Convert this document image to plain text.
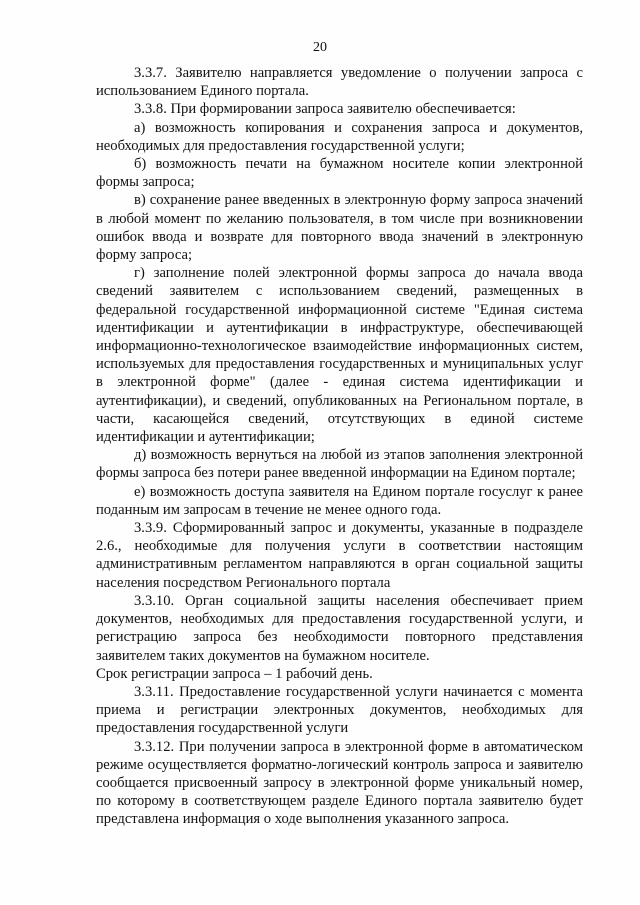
20

3.3.7. Заявителю направляется уведомление о получении запроса с использованием Единого портала.

3.3.8. При формировании запроса заявителю обеспечивается:

а) возможность копирования и сохранения запроса и документов, необходимых для предоставления государственной услуги;

б) возможность печати на бумажном носителе копии электронной формы запроса;

в) сохранение ранее введенных в электронную форму запроса значений в любой момент по желанию пользователя, в том числе при возникновении ошибок ввода и возврате для повторного ввода значений в электронную форму запроса;

г) заполнение полей электронной формы запроса до начала ввода сведений заявителем с использованием сведений, размещенных в федеральной государственной информационной системе "Единая система идентификации и аутентификации в инфраструктуре, обеспечивающей информационно-технологическое взаимодействие информационных систем, используемых для предоставления государственных и муниципальных услуг в электронной форме" (далее - единая система идентификации и аутентификации), и сведений, опубликованных на Региональном портале, в части, касающейся сведений, отсутствующих в единой системе идентификации и аутентификации;

д) возможность вернуться на любой из этапов заполнения электронной формы запроса без потери ранее введенной информации на Едином портале;

е) возможность доступа заявителя на Едином портале госуслуг к ранее поданным им запросам в течение не менее одного года.

3.3.9. Сформированный запрос и документы, указанные в подразделе 2.6., необходимые для получения услуги в соответствии настоящим административным регламентом направляются в орган социальной защиты населения посредством Регионального портала

3.3.10. Орган социальной защиты населения обеспечивает прием документов, необходимых для предоставления государственной услуги, и регистрацию запроса без необходимости повторного представления заявителем таких документов на бумажном носителе.

Срок регистрации запроса – 1 рабочий день.

3.3.11. Предоставление государственной услуги начинается с момента приема и регистрации электронных документов, необходимых для предоставления государственной услуги

3.3.12. При получении запроса в электронной форме в автоматическом режиме осуществляется форматно-логический контроль запроса и заявителю сообщается присвоенный запросу в электронной форме уникальный номер, по которому в соответствующем разделе Единого портала заявителю будет представлена информация о ходе выполнения указанного запроса.
